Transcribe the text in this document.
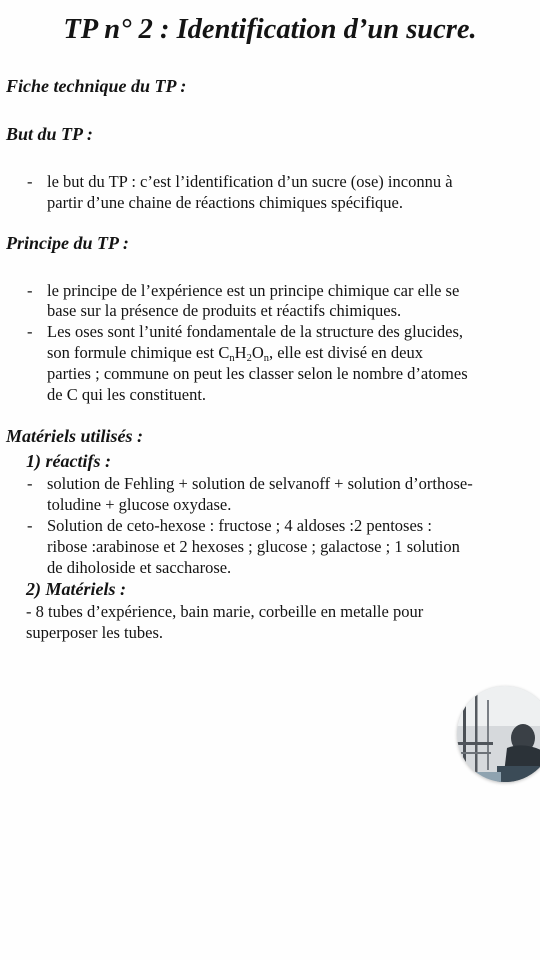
TP n° 2 : Identification d’un sucre.
Fiche technique du TP :
But du TP :
- le but du TP : c’est l’identification d’un sucre (ose) inconnu à
partir d’une chaine de réactions chimiques spécifique.
Principe du TP :
- le principe de l’expérience est un principe chimique car elle se
base sur la présence de produits et réactifs chimiques.
- Les oses sont l’unité fondamentale de la structure des glucides,
son formule chimique est $C_nH_2O_n$, elle est divisé en deux
parties ; commune on peut les classer selon le nombre d’atomes
de C qui les constituent.
Matériels utilisés :
1) réactifs :
- solution de Fehling + solution de selvanoff + solution d’orthose-
toludine + glucose oxydase.
- Solution de ceto-hexose : fructose ; 4 aldoses :2 pentoses :
ribose :arabinose et 2 hexoses ; glucose ; galactose ; 1 solution
de diholoside et saccharose.
2) Matériels :
- 8 tubes d’expérience, bain marie, corbeille en metalle pour
superposer les tubes.
